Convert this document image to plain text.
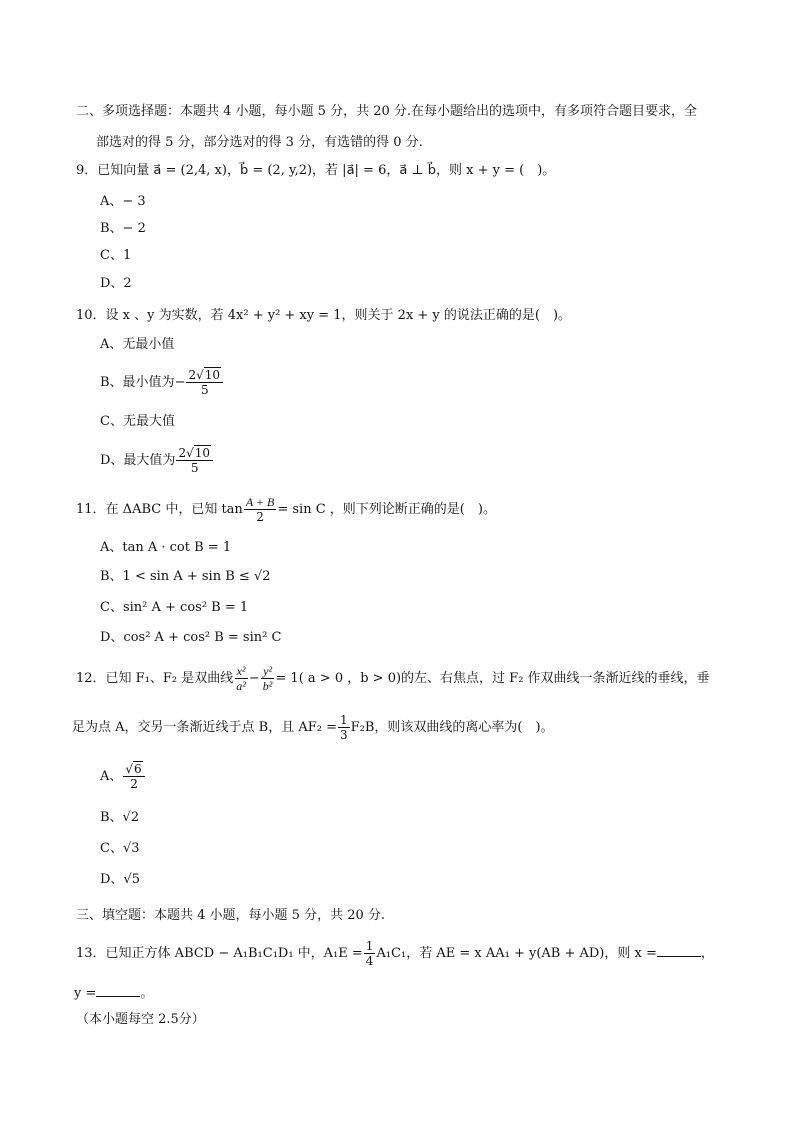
二、多项选择题：本题共 4 小题，每小题 5 分，共 20 分.在每小题给出的选项中，有多项符合题目要求，全
部选对的得 5 分，部分选对的得 3 分，有选错的得 0 分.
9．已知向量 a⃗ = (2,4, x)，b⃗ = (2, y,2)，若 |a⃗| = 6，a⃗ ⊥ b⃗，则 x + y = (　)。
A、− 3
B、− 2
C、1
D、2
10．设 x 、y 为实数，若 4x² + y² + xy = 1，则关于 2x + y 的说法正确的是(　)。
A、无最小值
B、最小值为− $\frac{2√10}{5}$
C、无最大值
D、最大值为 $\frac{2√10}{5}$
11．在 ΔABC 中，已知 $\tan \frac{A + B}{2} = \sin C$ ，则下列论断正确的是(　)。
A、tan A · cot B = 1
B、1 < sin A + sin B ≤ √2
C、sin² A + cos² B = 1
D、cos² A + cos² B = sin² C
12．已知 F₁、F₂ 是双曲线 $\frac{\text{x²}}{\text{a²}} - \frac{\text{y²}}{\text{b²}} = 1$( a > 0 ，b > 0)的左、右焦点，过 F₂ 作双曲线一条渐近线的垂线，垂
足为点 A，交另一条渐近线于点 B，且 $AF_2 = \frac{1}{3} F_2B$，则该双曲线的离心率为(　)。
A、 $\frac{√6}{2}$
B、√2
C、√3
D、√5
三、填空题：本题共 4 小题，每小题 5 分，共 20 分.
13．已知正方体 ABCD − A₁B₁C₁D₁ 中，$A_1E = \frac{1}{4} A_1C_1$，若 AE = x AA₁ + y(AB + AD)，则 x =	，
y =	。
（本小题每空 2.5分）
